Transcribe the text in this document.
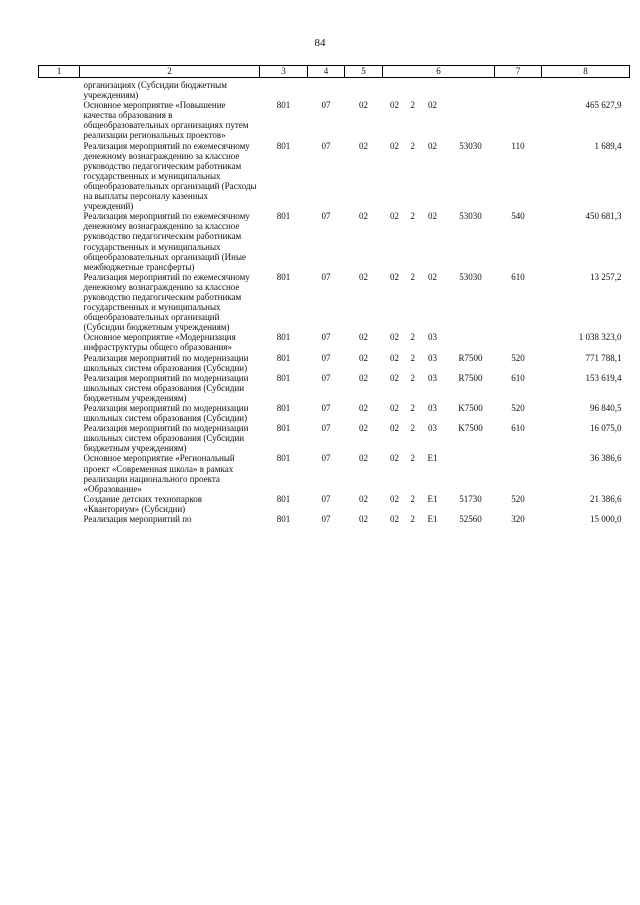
84
1	2	3	4	5	6				7	8
	организациях (Субсидии бюджетным учреждениям)									
	Основное мероприятие «Повышение качества образования в общеобразовательных организациях путем реализации региональных проектов»	801	07	02	02	2	02			465 627,9
	Реализация мероприятий по ежемесячному денежному вознаграждению за классное руководство педагогическим работникам государственных и муниципальных общеобразовательных организаций (Расходы на выплаты персоналу казенных учреждений)	801	07	02	02	2	02	53030	110	1 689,4
	Реализация мероприятий по ежемесячному денежному вознаграждению за классное руководство педагогическим работникам государственных и муниципальных общеобразовательных организаций (Иные межбюджетные трансферты)	801	07	02	02	2	02	53030	540	450 681,3
	Реализация мероприятий по ежемесячному денежному вознаграждению за классное руководство педагогическим работникам государственных и муниципальных общеобразовательных организаций (Субсидии бюджетным учреждениям)	801	07	02	02	2	02	53030	610	13 257,2
	Основное мероприятие «Модернизация инфраструктуры общего образования»	801	07	02	02	2	03			1 038 323,0
	Реализация мероприятий по модернизации школьных систем образования (Субсидии)	801	07	02	02	2	03	R7500	520	771 788,1
	Реализация мероприятий по модернизации школьных систем образования (Субсидии бюджетным учреждениям)	801	07	02	02	2	03	R7500	610	153 619,4
	Реализация мероприятий по модернизации школьных систем образования (Субсидии)	801	07	02	02	2	03	K7500	520	96 840,5
	Реализация мероприятий по модернизации школьных систем образования (Субсидии бюджетным учреждениям)	801	07	02	02	2	03	K7500	610	16 075,0
	Основное мероприятие «Региональный проект «Современная школа» в рамках реализации национального проекта «Образование»	801	07	02	02	2	E1			36 386,6
	Создание детских технопарков «Кванториум» (Субсидии)	801	07	02	02	2	E1	51730	520	21 386,6
	Реализация мероприятий по	801	07	02	02	2	E1	52560	320	15 000,0
